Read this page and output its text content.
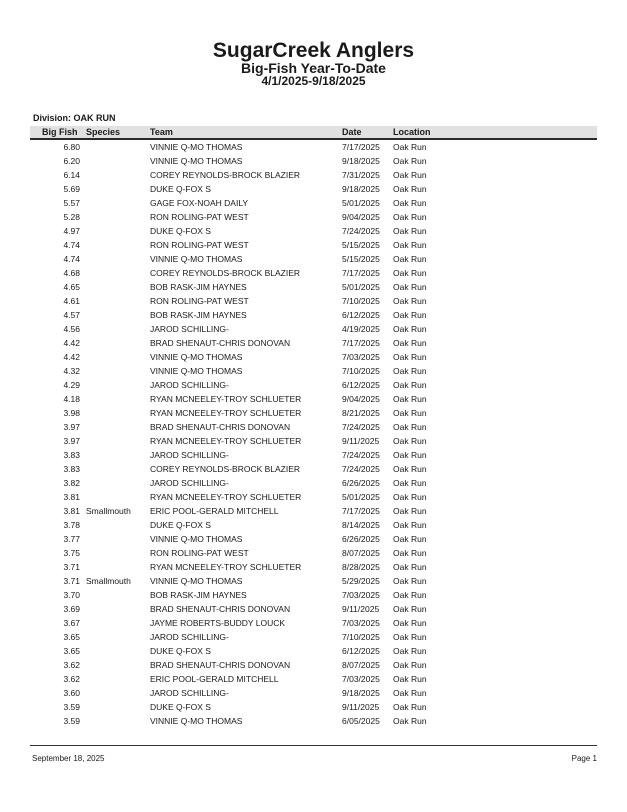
SugarCreek Anglers
Big-Fish Year-To-Date
4/1/2025-9/18/2025
Division: OAK RUN
Big Fish Species	Team	Date	Location
6.80	VINNIE Q-MO THOMAS	7/17/2025 Oak Run
6.20	VINNIE Q-MO THOMAS	9/18/2025 Oak Run
6.14	COREY REYNOLDS-BROCK BLAZIER	7/31/2025 Oak Run
5.69	DUKE Q-FOX S	9/18/2025 Oak Run
5.57	GAGE FOX-NOAH DAILY	5/01/2025 Oak Run
5.28	RON ROLING-PAT WEST	9/04/2025 Oak Run
4.97	DUKE Q-FOX S	7/24/2025 Oak Run
4.74	RON ROLING-PAT WEST	5/15/2025 Oak Run
4.74	VINNIE Q-MO THOMAS	5/15/2025 Oak Run
4.68	COREY REYNOLDS-BROCK BLAZIER	7/17/2025 Oak Run
4.65	BOB RASK-JIM HAYNES	5/01/2025 Oak Run
4.61	RON ROLING-PAT WEST	7/10/2025 Oak Run
4.57	BOB RASK-JIM HAYNES	6/12/2025 Oak Run
4.56	JAROD SCHILLING-	4/19/2025 Oak Run
4.42	BRAD SHENAUT-CHRIS DONOVAN	7/17/2025 Oak Run
4.42	VINNIE Q-MO THOMAS	7/03/2025 Oak Run
4.32	VINNIE Q-MO THOMAS	7/10/2025 Oak Run
4.29	JAROD SCHILLING-	6/12/2025 Oak Run
4.18	RYAN MCNEELEY-TROY SCHLUETER	9/04/2025 Oak Run
3.98	RYAN MCNEELEY-TROY SCHLUETER	8/21/2025 Oak Run
3.97	BRAD SHENAUT-CHRIS DONOVAN	7/24/2025 Oak Run
3.97	RYAN MCNEELEY-TROY SCHLUETER	9/11/2025 Oak Run
3.83	JAROD SCHILLING-	7/24/2025 Oak Run
3.83	COREY REYNOLDS-BROCK BLAZIER	7/24/2025 Oak Run
3.82	JAROD SCHILLING-	6/26/2025 Oak Run
3.81	RYAN MCNEELEY-TROY SCHLUETER	5/01/2025 Oak Run
3.81 Smallmouth ERIC POOL-GERALD MITCHELL	7/17/2025 Oak Run
3.78	DUKE Q-FOX S	8/14/2025 Oak Run
3.77	VINNIE Q-MO THOMAS	6/26/2025 Oak Run
3.75	RON ROLING-PAT WEST	8/07/2025 Oak Run
3.71	RYAN MCNEELEY-TROY SCHLUETER	8/28/2025 Oak Run
3.71 Smallmouth VINNIE Q-MO THOMAS	5/29/2025 Oak Run
3.70	BOB RASK-JIM HAYNES	7/03/2025 Oak Run
3.69	BRAD SHENAUT-CHRIS DONOVAN	9/11/2025 Oak Run
3.67	JAYME ROBERTS-BUDDY LOUCK	7/03/2025 Oak Run
3.65	JAROD SCHILLING-	7/10/2025 Oak Run
3.65	DUKE Q-FOX S	6/12/2025 Oak Run
3.62	BRAD SHENAUT-CHRIS DONOVAN	8/07/2025 Oak Run
3.62	ERIC POOL-GERALD MITCHELL	7/03/2025 Oak Run
3.60	JAROD SCHILLING-	9/18/2025 Oak Run
3.59	DUKE Q-FOX S	9/11/2025 Oak Run
3.59	VINNIE Q-MO THOMAS	6/05/2025 Oak Run
September 18, 2025	Page 1
